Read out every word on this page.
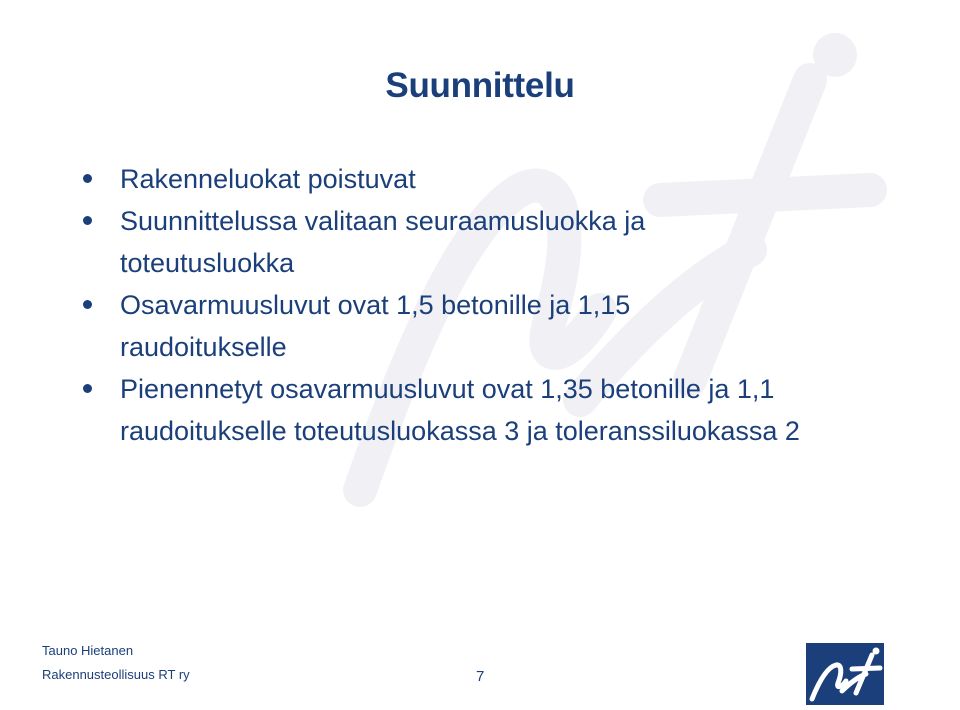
Suunnittelu
Rakenneluokat poistuvat
Suunnittelussa valitaan seuraamusluokka ja toteutusluokka
Osavarmuusluvut ovat 1,5 betonille ja 1,15 raudoitukselle
Pienennetyt osavarmuusluvut ovat 1,35 betonille ja 1,1 raudoitukselle toteutusluokassa 3 ja toleranssiluokassa 2
Tauno Hietanen
Rakennusteollisuus RT ry	7
